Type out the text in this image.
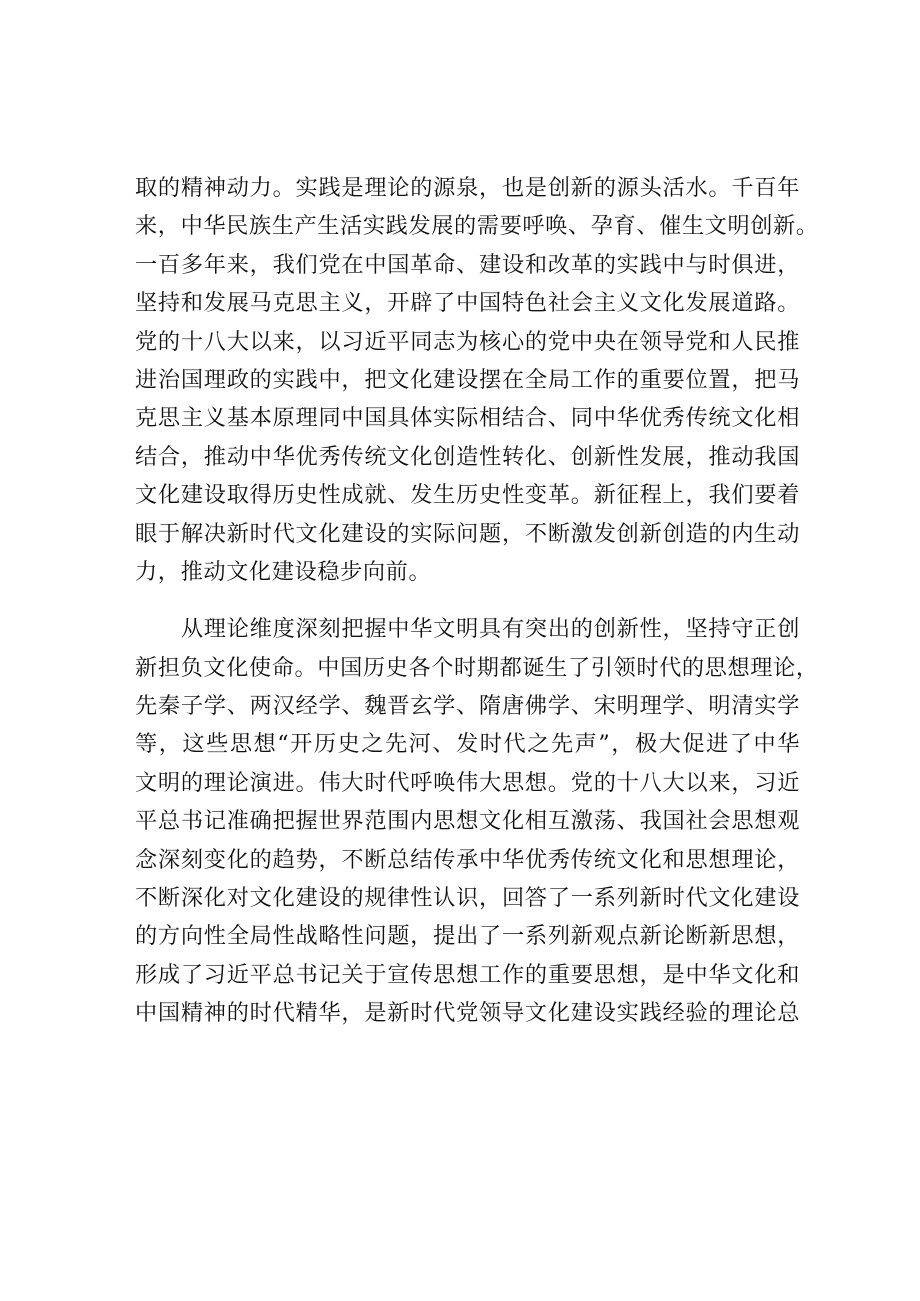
取的精神动力。实践是理论的源泉，也是创新的源头活水。千百年
来，中华民族生产生活实践发展的需要呼唤、孕育、催生文明创新。
一百多年来，我们党在中国革命、建设和改革的实践中与时俱进，
坚持和发展马克思主义，开辟了中国特色社会主义文化发展道路。
党的十八大以来，以习近平同志为核心的党中央在领导党和人民推
进治国理政的实践中，把文化建设摆在全局工作的重要位置，把马
克思主义基本原理同中国具体实际相结合、同中华优秀传统文化相
结合，推动中华优秀传统文化创造性转化、创新性发展，推动我国
文化建设取得历史性成就、发生历史性变革。新征程上，我们要着
眼于解决新时代文化建设的实际问题，不断激发创新创造的内生动
力，推动文化建设稳步向前。
　　从理论维度深刻把握中华文明具有突出的创新性，坚持守正创
新担负文化使命。中国历史各个时期都诞生了引领时代的思想理论，
先秦子学、两汉经学、魏晋玄学、隋唐佛学、宋明理学、明清实学
等，这些思想“开历史之先河、发时代之先声”，极大促进了中华
文明的理论演进。伟大时代呼唤伟大思想。党的十八大以来，习近
平总书记准确把握世界范围内思想文化相互激荡、我国社会思想观
念深刻变化的趋势，不断总结传承中华优秀传统文化和思想理论，
不断深化对文化建设的规律性认识，回答了一系列新时代文化建设
的方向性全局性战略性问题，提出了一系列新观点新论断新思想，
形成了习近平总书记关于宣传思想工作的重要思想，是中华文化和
中国精神的时代精华，是新时代党领导文化建设实践经验的理论总
